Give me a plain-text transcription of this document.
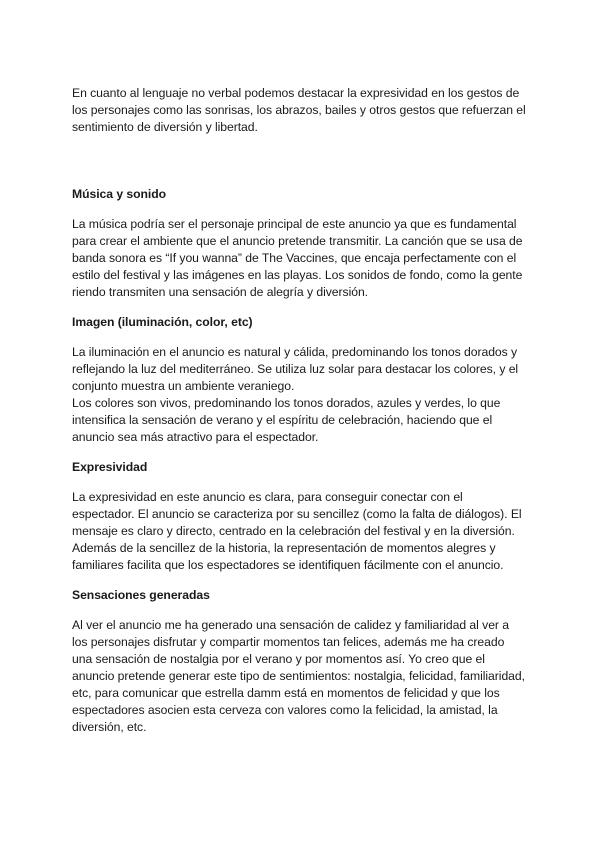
En cuanto al lenguaje no verbal podemos destacar la expresividad en los gestos de
los personajes como las sonrisas, los abrazos, bailes y otros gestos que refuerzan el
sentimiento de diversión y libertad.

Música y sonido

La música podría ser el personaje principal de este anuncio ya que es fundamental
para crear el ambiente que el anuncio pretende transmitir. La canción que se usa de
banda sonora es “If you wanna” de The Vaccines, que encaja perfectamente con el
estilo del festival y las imágenes en las playas. Los sonidos de fondo, como la gente
riendo transmiten una sensación de alegría y diversión.

Imagen (iluminación, color, etc)

La iluminación en el anuncio es natural y cálida, predominando los tonos dorados y
reflejando la luz del mediterráneo. Se utiliza luz solar para destacar los colores, y el
conjunto muestra un ambiente veraniego.
Los colores son vivos, predominando los tonos dorados, azules y verdes, lo que
intensifica la sensación de verano y el espíritu de celebración, haciendo que el
anuncio sea más atractivo para el espectador.

Expresividad

La expresividad en este anuncio es clara, para conseguir conectar con el
espectador. El anuncio se caracteriza por su sencillez (como la falta de diálogos). El
mensaje es claro y directo, centrado en la celebración del festival y en la diversión.
Además de la sencillez de la historia, la representación de momentos alegres y
familiares facilita que los espectadores se identifiquen fácilmente con el anuncio.

Sensaciones generadas

Al ver el anuncio me ha generado una sensación de calidez y familiaridad al ver a
los personajes disfrutar y compartir momentos tan felices, además me ha creado
una sensación de nostalgia por el verano y por momentos así. Yo creo que el
anuncio pretende generar este tipo de sentimientos: nostalgia, felicidad, familiaridad,
etc, para comunicar que estrella damm está en momentos de felicidad y que los
espectadores asocien esta cerveza con valores como la felicidad, la amistad, la
diversión, etc.
